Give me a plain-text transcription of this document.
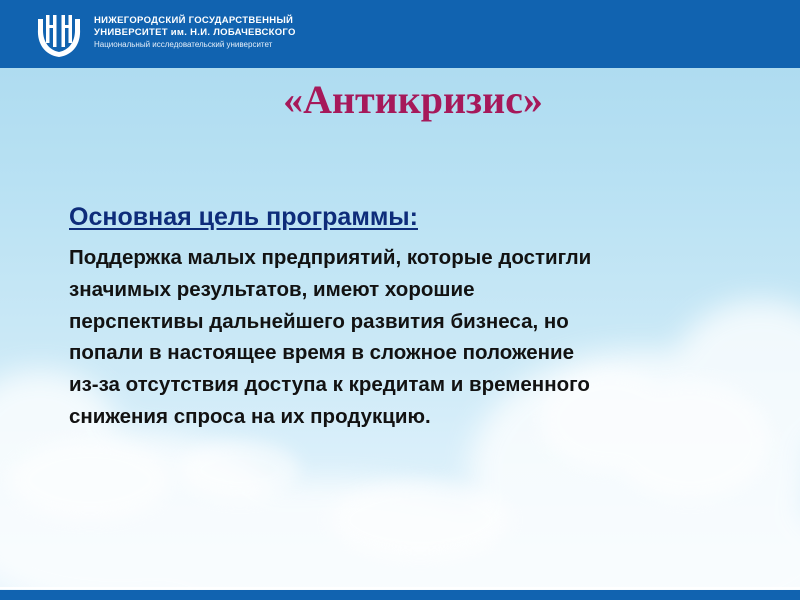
НИЖЕГОРОДСКИЙ ГОСУДАРСТВЕННЫЙ
УНИВЕРСИТЕТ им. Н.И. ЛОБАЧЕВСКОГО
Национальный исследовательский университет
«Антикризис»
Основная цель программы:
Поддержка малых предприятий, которые достигли
значимых результатов, имеют хорошие
перспективы дальнейшего развития бизнеса, но
попали в настоящее время в сложное положение
из-за отсутствия доступа к кредитам и временного
снижения спроса на их продукцию.
